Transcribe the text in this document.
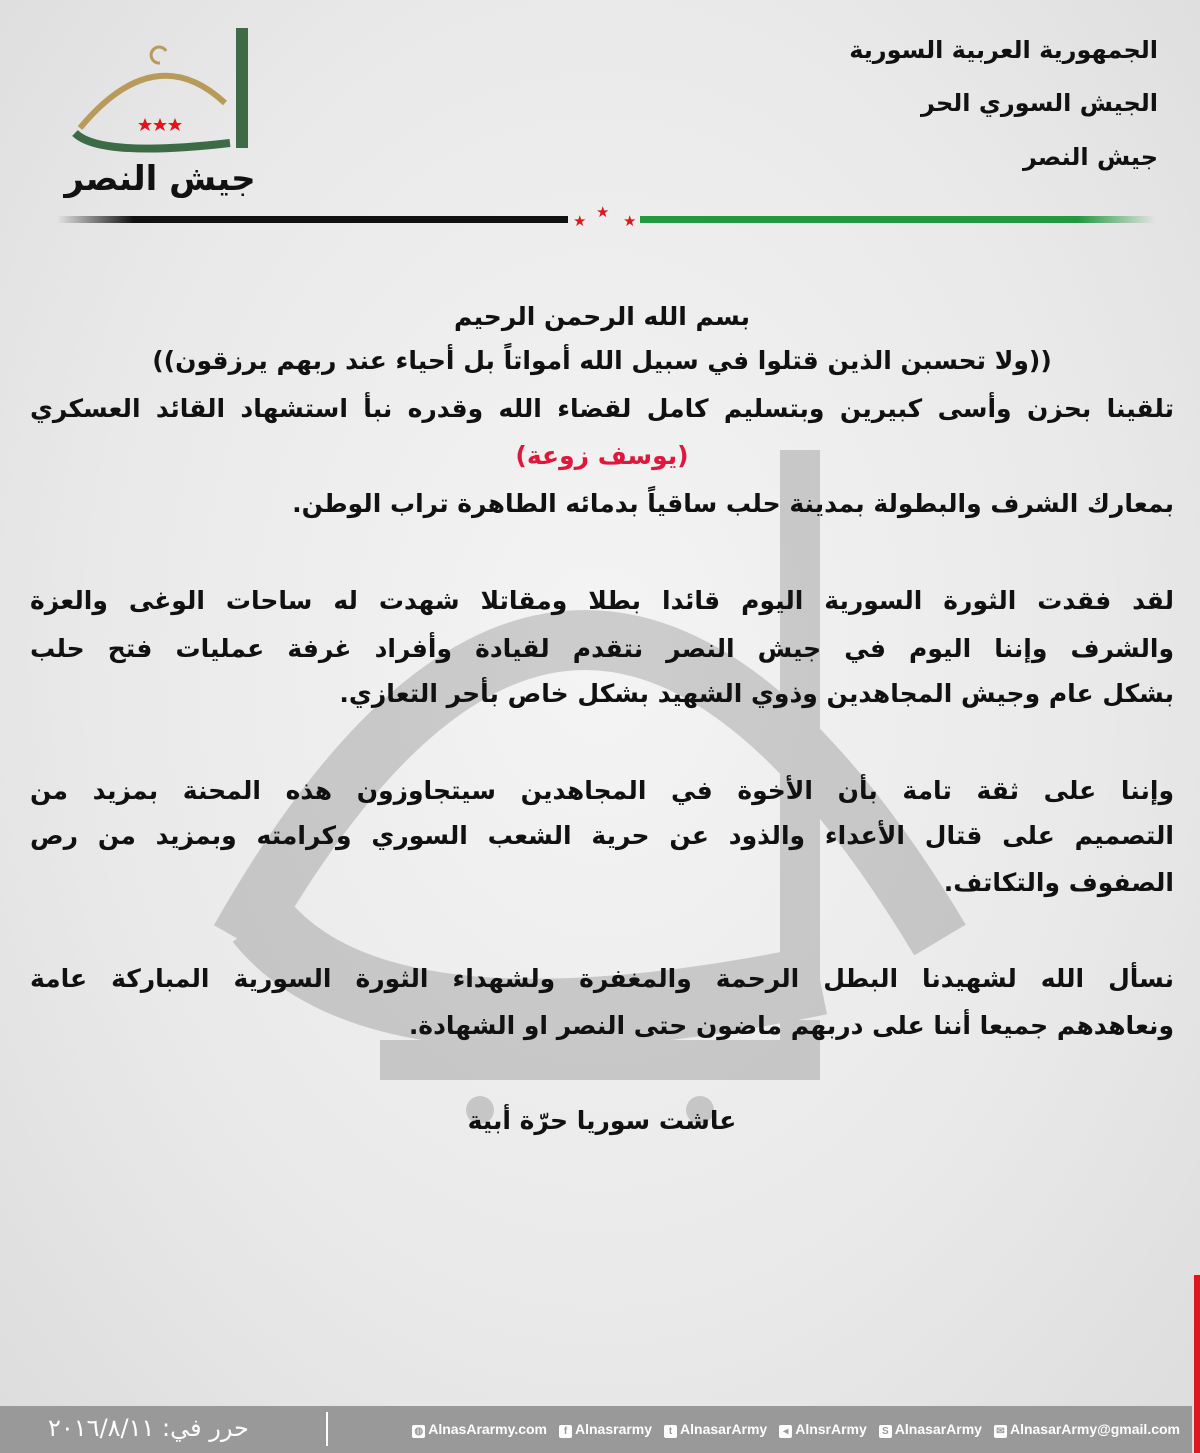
الجمهورية العربية السورية
الجيش السوري الحر
جيش النصر
جيش النصر
★ ★ ★
بسم الله الرحمن الرحيم
((ولا تحسبن الذين قتلوا في سبيل الله أمواتاً بل أحياء عند ربهم يرزقون))
تلقينا بحزن وأسى كبيرين وبتسليم كامل لقضاء الله وقدره نبأ استشهاد القائد العسكري
(يوسف زوعة)
بمعارك الشرف والبطولة بمدينة حلب ساقياً بدمائه الطاهرة تراب الوطن.
لقد فقدت الثورة السورية اليوم قائدا بطلا ومقاتلا شهدت له ساحات الوغى والعزة
والشرف وإننا اليوم في جيش النصر نتقدم لقيادة وأفراد غرفة عمليات فتح حلب
بشكل عام وجيش المجاهدين وذوي الشهيد بشكل خاص بأحر التعازي.
وإننا على ثقة تامة بأن الأخوة في المجاهدين سيتجاوزون هذه المحنة بمزيد من
التصميم على قتال الأعداء والذود عن حرية الشعب السوري وكرامته وبمزيد من رص
الصفوف والتكاتف.
نسأل الله لشهيدنا البطل الرحمة والمغفرة ولشهداء الثورة السورية المباركة عامة
ونعاهدهم جميعا أننا على دربهم ماضون حتى النصر او الشهادة.
عاشت سوريا حرّة أبية
حرر في: ٢٠١٦/٨/١١	◍ AlnasArarmy.com	f Alnasrarmy	t AlnasarArmy	◂ AlnsrArmy	S AlnasarArmy ✉ AlnasarArmy@gmail.com
